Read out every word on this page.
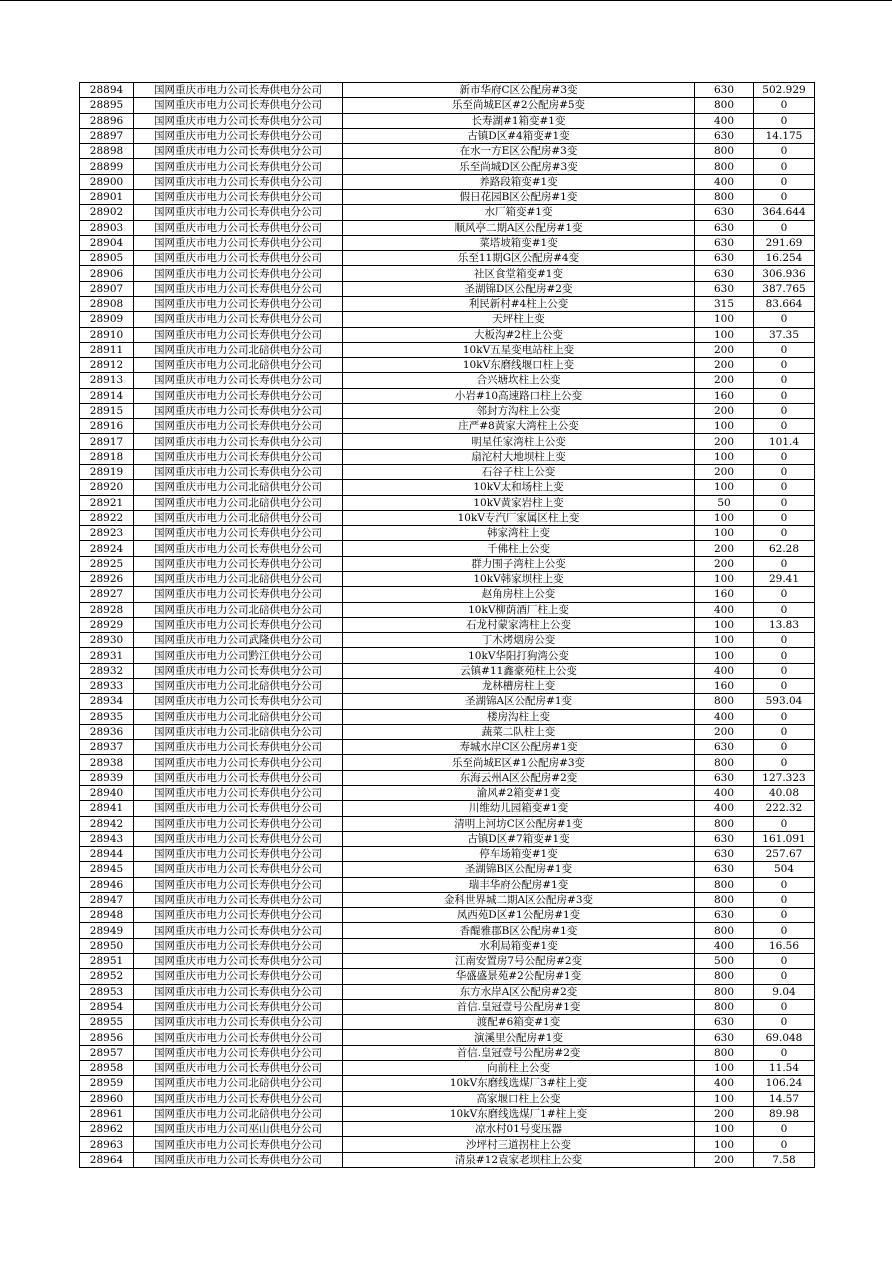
28894	国网重庆市电力公司长寿供电分公司	新市华府C区公配房#3变	630	502.929
28895	国网重庆市电力公司长寿供电分公司	乐至尚城E区#2公配房#5变	800	0
28896	国网重庆市电力公司长寿供电分公司	长寿湖#1箱变#1变	400	0
28897	国网重庆市电力公司长寿供电分公司	古镇D区#4箱变#1变	630	14.175
28898	国网重庆市电力公司长寿供电分公司	在水一方E区公配房#3变	800	0
28899	国网重庆市电力公司长寿供电分公司	乐至尚城D区公配房#3变	800	0
28900	国网重庆市电力公司长寿供电分公司	养路段箱变#1变	400	0
28901	国网重庆市电力公司长寿供电分公司	假日花园B区公配房#1变	800	0
28902	国网重庆市电力公司长寿供电分公司	水厂箱变#1变	630	364.644
28903	国网重庆市电力公司长寿供电分公司	顺风亭二期A区公配房#1变	630	0
28904	国网重庆市电力公司长寿供电分公司	菜塔坡箱变#1变	630	291.69
28905	国网重庆市电力公司长寿供电分公司	乐至11期G区公配房#4变	630	16.254
28906	国网重庆市电力公司长寿供电分公司	社区食堂箱变#1变	630	306.936
28907	国网重庆市电力公司长寿供电分公司	圣湖锦D区公配房#2变	630	387.765
28908	国网重庆市电力公司长寿供电分公司	利民新村#4柱上公变	315	83.664
28909	国网重庆市电力公司长寿供电分公司	天坪柱上变	100	0
28910	国网重庆市电力公司长寿供电分公司	大板沟#2柱上公变	100	37.35
28911	国网重庆市电力公司北碚供电分公司	10kV五星变电站柱上变	200	0
28912	国网重庆市电力公司北碚供电分公司	10kV东磨线堰口柱上变	200	0
28913	国网重庆市电力公司长寿供电分公司	合兴塘坎柱上公变	200	0
28914	国网重庆市电力公司长寿供电分公司	小岩#10高速路口柱上公变	160	0
28915	国网重庆市电力公司长寿供电分公司	邻封方沟柱上公变	200	0
28916	国网重庆市电力公司长寿供电分公司	庄严#8黄家大湾柱上公变	100	0
28917	国网重庆市电力公司长寿供电分公司	明星任家湾柱上公变	200	101.4
28918	国网重庆市电力公司长寿供电分公司	扇沱村大地坝柱上变	100	0
28919	国网重庆市电力公司长寿供电分公司	石谷子柱上公变	200	0
28920	国网重庆市电力公司北碚供电分公司	10kV太和场柱上变	100	0
28921	国网重庆市电力公司北碚供电分公司	10kV黄家岩柱上变	50	0
28922	国网重庆市电力公司北碚供电分公司	10kV专汽厂家属区柱上变	100	0
28923	国网重庆市电力公司长寿供电分公司	韩家湾柱上变	100	0
28924	国网重庆市电力公司长寿供电分公司	千佛柱上公变	200	62.28
28925	国网重庆市电力公司长寿供电分公司	群力围子湾柱上公变	200	0
28926	国网重庆市电力公司北碚供电分公司	10kV韩家坝柱上变	100	29.41
28927	国网重庆市电力公司长寿供电分公司	赵角房柱上公变	160	0
28928	国网重庆市电力公司北碚供电分公司	10kV柳荫酒厂柱上变	400	0
28929	国网重庆市电力公司长寿供电分公司	石龙村蒙家湾柱上公变	100	13.83
28930	国网重庆市电力公司武隆供电分公司	丁木烤烟房公变	100	0
28931	国网重庆市电力公司黔江供电分公司	10kV华阳打狗湾公变	100	0
28932	国网重庆市电力公司长寿供电分公司	云镇#11鑫豪苑柱上公变	400	0
28933	国网重庆市电力公司北碚供电分公司	龙林槽房柱上变	160	0
28934	国网重庆市电力公司长寿供电分公司	圣湖锦A区公配房#1变	800	593.04
28935	国网重庆市电力公司北碚供电分公司	楼房沟柱上变	400	0
28936	国网重庆市电力公司北碚供电分公司	蔬菜二队柱上变	200	0
28937	国网重庆市电力公司长寿供电分公司	寿城水岸C区公配房#1变	630	0
28938	国网重庆市电力公司长寿供电分公司	乐至尚城E区#1公配房#3变	800	0
28939	国网重庆市电力公司长寿供电分公司	东海云州A区公配房#2变	630	127.323
28940	国网重庆市电力公司长寿供电分公司	渝风#2箱变#1变	400	40.08
28941	国网重庆市电力公司长寿供电分公司	川维幼儿园箱变#1变	400	222.32
28942	国网重庆市电力公司长寿供电分公司	清明上河坊C区公配房#1变	800	0
28943	国网重庆市电力公司长寿供电分公司	古镇D区#7箱变#1变	630	161.091
28944	国网重庆市电力公司长寿供电分公司	停车场箱变#1变	630	257.67
28945	国网重庆市电力公司长寿供电分公司	圣湖锦B区公配房#1变	630	504
28946	国网重庆市电力公司长寿供电分公司	瑞丰华府公配房#1变	800	0
28947	国网重庆市电力公司长寿供电分公司	金科世界城二期A区公配房#3变	800	0
28948	国网重庆市电力公司长寿供电分公司	凤西苑D区#1公配房#1变	630	0
28949	国网重庆市电力公司长寿供电分公司	香醍雅郡B区公配房#1变	800	0
28950	国网重庆市电力公司长寿供电分公司	水利局箱变#1变	400	16.56
28951	国网重庆市电力公司长寿供电分公司	江南安置房7号公配房#2变	500	0
28952	国网重庆市电力公司长寿供电分公司	华盛盛景苑#2公配房#1变	800	0
28953	国网重庆市电力公司长寿供电分公司	东方水岸A区公配房#2变	800	9.04
28954	国网重庆市电力公司长寿供电分公司	首信.皇冠壹号公配房#1变	800	0
28955	国网重庆市电力公司长寿供电分公司	渡配#6箱变#1变	630	0
28956	国网重庆市电力公司长寿供电分公司	演溪里公配房#1变	630	69.048
28957	国网重庆市电力公司长寿供电分公司	首信.皇冠壹号公配房#2变	800	0
28958	国网重庆市电力公司长寿供电分公司	向前柱上公变	100	11.54
28959	国网重庆市电力公司北碚供电分公司	10kV东磨线选煤厂3#柱上变	400	106.24
28960	国网重庆市电力公司长寿供电分公司	高家堰口柱上公变	100	14.57
28961	国网重庆市电力公司北碚供电分公司	10kV东磨线选煤厂1#柱上变	200	89.98
28962	国网重庆市电力公司巫山供电分公司	凉水村01号变压器	100	0
28963	国网重庆市电力公司长寿供电分公司	沙坪村三道拐柱上公变	100	0
28964	国网重庆市电力公司长寿供电分公司	清泉#12袁家老坝柱上公变	200	7.58
